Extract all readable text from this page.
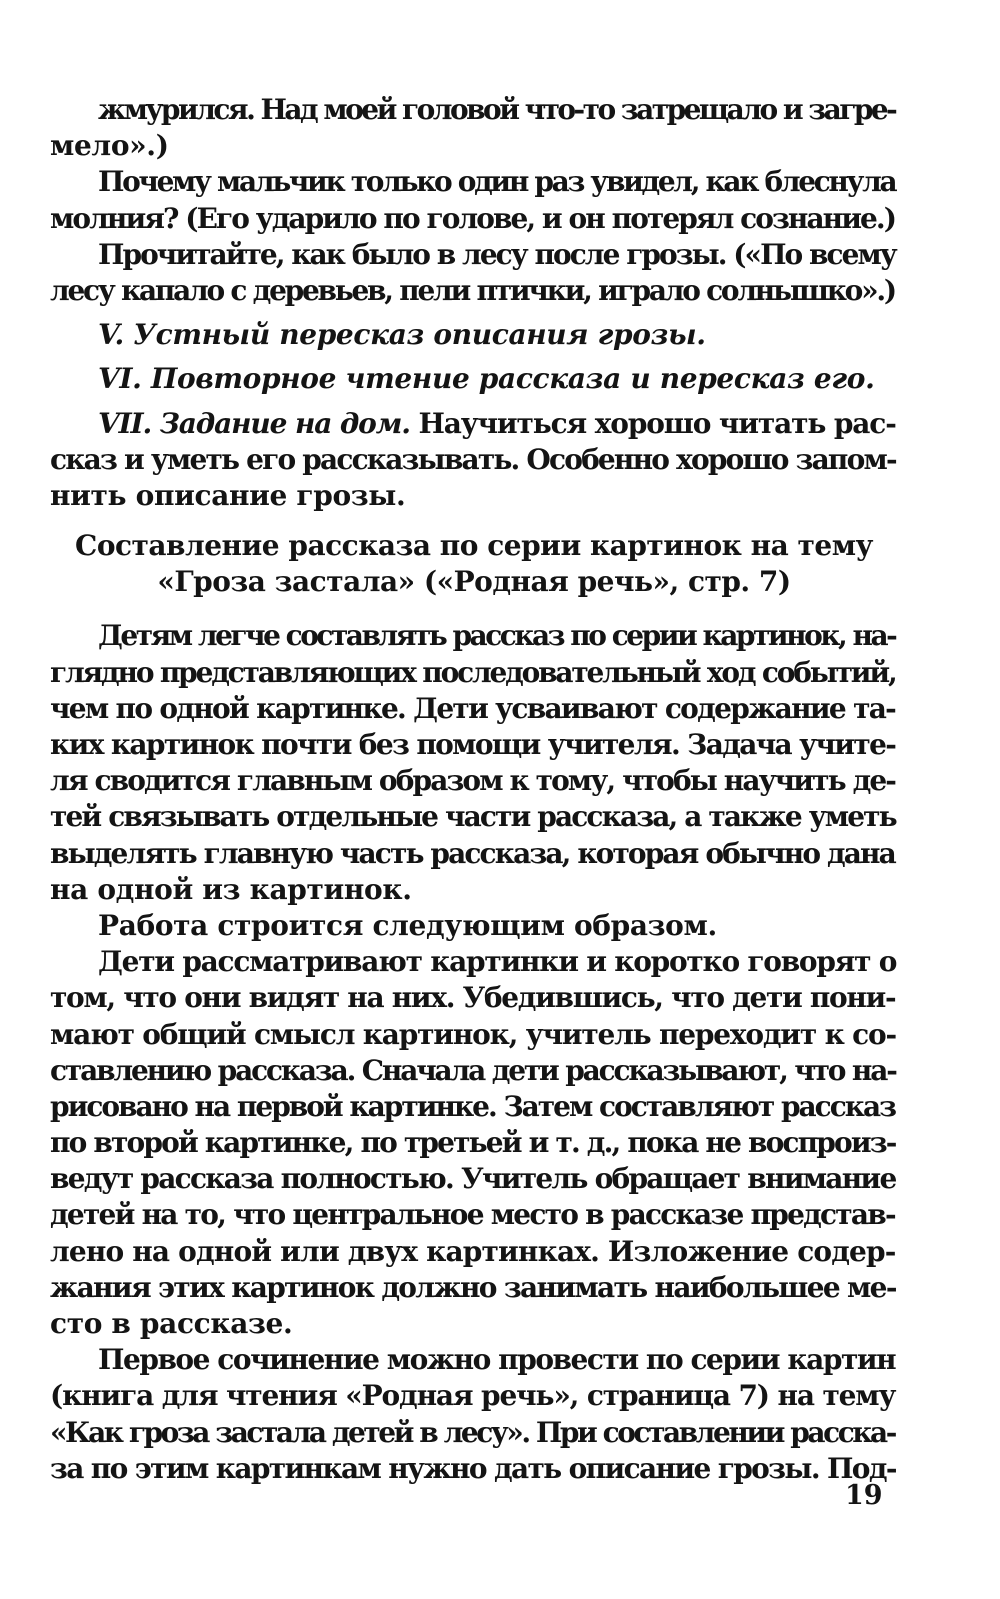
жмурился. Над моей головой что-то затрещало и загре-
мело».)
Почему мальчик только один раз увидел, как блеснула
молния? (Его ударило по голове, и он потерял сознание.)
Прочитайте, как было в лесу после грозы. («По всему
лесу капало с деревьев, пели птички, играло солнышко».)
V. Устный пересказ описания грозы.
VI. Повторное чтение рассказа и пересказ его.
VII. Задание на дом. Научиться хорошо читать рас-
сказ и уметь его рассказывать. Особенно хорошо запом-
нить описание грозы.
Составление рассказа по серии картинок на тему
«Гроза застала» («Родная речь», стр. 7)
Детям легче составлять рассказ по серии картинок, на-
глядно представляющих последовательный ход событий,
чем по одной картинке. Дети усваивают содержание та-
ких картинок почти без помощи учителя. Задача учите-
ля сводится главным образом к тому, чтобы научить де-
тей связывать отдельные части рассказа, а также уметь
выделять главную часть рассказа, которая обычно дана
на одной из картинок.
Работа строится следующим образом.
Дети рассматривают картинки и коротко говорят о
том, что они видят на них. Убедившись, что дети пони-
мают общий смысл картинок, учитель переходит к со-
ставлению рассказа. Сначала дети рассказывают, что на-
рисовано на первой картинке. Затем составляют рассказ
по второй картинке, по третьей и т. д., пока не воспроиз-
ведут рассказа полностью. Учитель обращает внимание
детей на то, что центральное место в рассказе представ-
лено на одной или двух картинках. Изложение содер-
жания этих картинок должно занимать наибольшее ме-
сто в рассказе.
Первое сочинение можно провести по серии картин
(книга для чтения «Родная речь», страница 7) на тему
«Как гроза застала детей в лесу». При составлении расска-
за по этим картинкам нужно дать описание грозы. Под-
19
